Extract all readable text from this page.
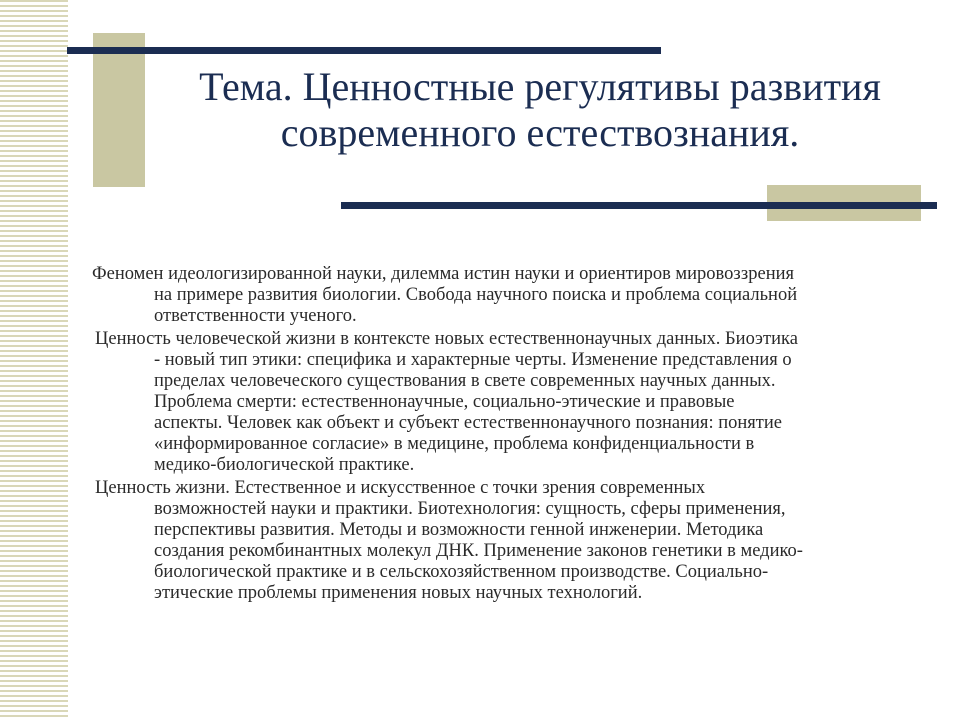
Тема. Ценностные регулятивы развития
современного естествознания.
Феномен идеологизированной науки, дилемма истин науки и ориентиров мировоззрения
на примере развития биологии. Свобода научного поиска и проблема социальной
ответственности ученого.
Ценность человеческой жизни в контексте новых естественнонаучных данных. Биоэтика
- новый тип этики: специфика и характерные черты. Изменение представления о
пределах человеческого существования в свете современных научных данных.
Проблема смерти: естественнонаучные, социально-этические и правовые
аспекты. Человек как объект и субъект естественнонаучного познания: понятие
«информированное согласие» в медицине, проблема конфиденциальности в
медико-биологической практике.
Ценность жизни. Естественное и искусственное с точки зрения современных
возможностей науки и практики. Биотехнология: сущность, сферы применения,
перспективы развития. Методы и возможности генной инженерии. Методика
создания рекомбинантных молекул ДНК. Применение законов генетики в медико-
биологической практике и в сельскохозяйственном производстве. Социально-
этические проблемы применения новых научных технологий.
